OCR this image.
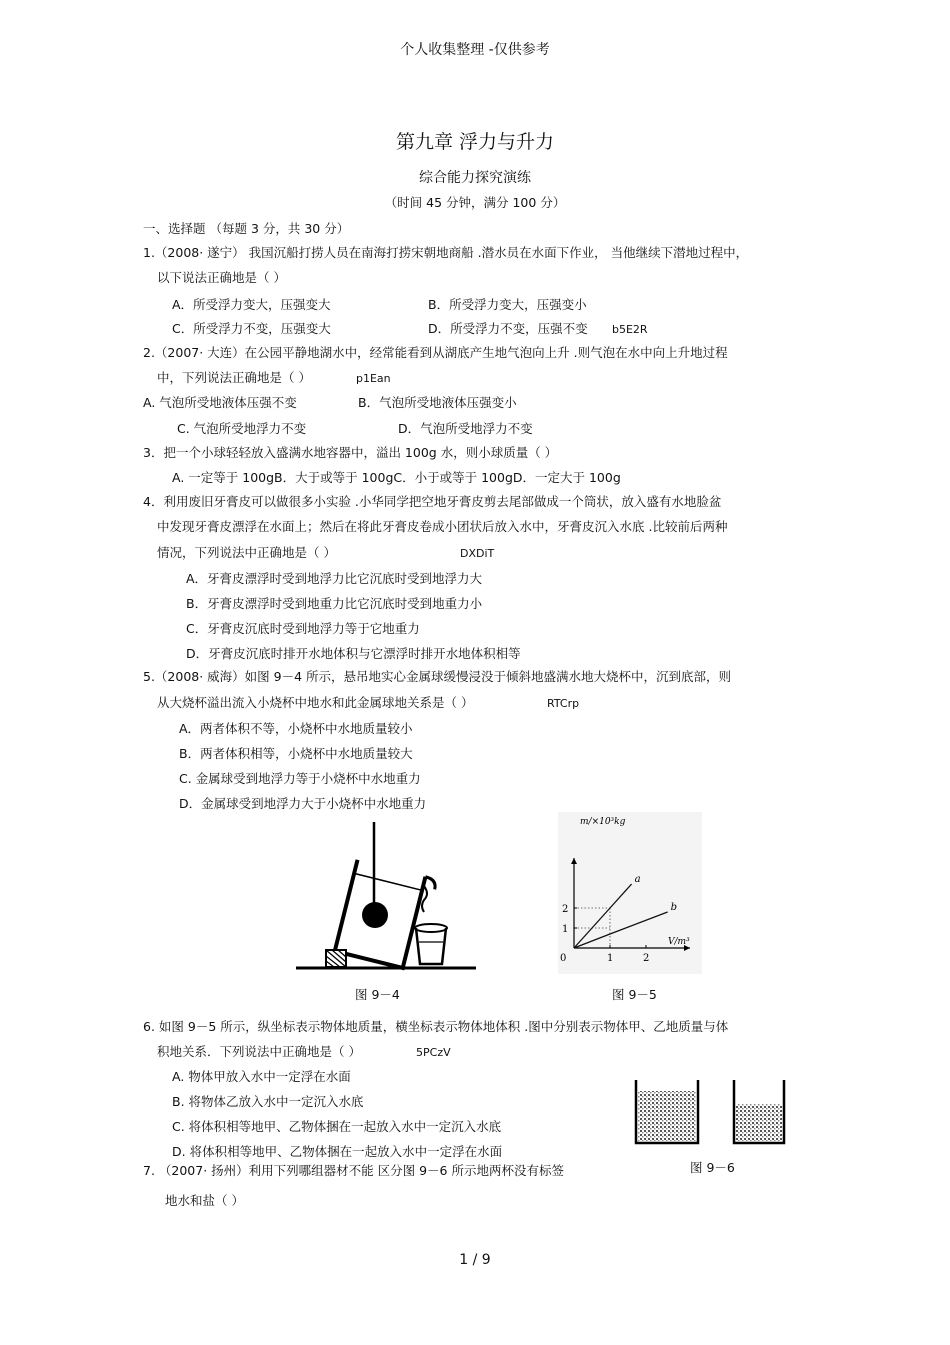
个人收集整理 -仅供参考
第九章 浮力与升力
综合能力探究演练
（时间 45 分钟，满分 100 分）
一、选择题 （每题 3 分，共 30 分）
1.（2008· 遂宁） 我国沉船打捞人员在南海打捞宋朝地商船 .潜水员在水面下作业， 当他继续下潜地过程中，
以下说法正确地是（ ）
A．所受浮力变大，压强变大	B．所受浮力变大，压强变小
C．所受浮力不变，压强变大	D．所受浮力不变，压强不变 b5E2R
2.（2007· 大连）在公园平静地湖水中，经常能看到从湖底产生地气泡向上升 .则气泡在水中向上升地过程
中，下列说法正确地是（ ）	p1Ean
A. 气泡所受地液体压强不变	B．气泡所受地液体压强变小
C. 气泡所受地浮力不变	D．气泡所受地浮力不变
3．把一个小球轻轻放入盛满水地容器中，溢出 100g 水，则小球质量（ ）
A. 一定等于 100gB．大于或等于 100gC．小于或等于 100gD．一定大于 100g
4．利用废旧牙膏皮可以做很多小实验 .小华同学把空地牙膏皮剪去尾部做成一个筒状，放入盛有水地脸盆
中发现牙膏皮漂浮在水面上；然后在将此牙膏皮卷成小团状后放入水中，牙膏皮沉入水底 .比较前后两种
情况，下列说法中正确地是（ ）	DXDiT
A．牙膏皮漂浮时受到地浮力比它沉底时受到地浮力大
B．牙膏皮漂浮时受到地重力比它沉底时受到地重力小
C．牙膏皮沉底时受到地浮力等于它地重力
D．牙膏皮沉底时排开水地体积与它漂浮时排开水地体积相等
5.（2008· 威海）如图 9－4 所示，悬吊地实心金属球缓慢浸没于倾斜地盛满水地大烧杯中，沉到底部，则
从大烧杯溢出流入小烧杯中地水和此金属球地关系是（ ）	RTCrp
A．两者体积不等，小烧杯中水地质量较小
B．两者体积相等，小烧杯中水地质量较大
C. 金属球受到地浮力等于小烧杯中水地重力
D．金属球受到地浮力大于小烧杯中水地重力
图 9－4
1	2
1
2
a
b
m/×10³kg
V/m³
0
图 9－5
6. 如图 9－5 所示，纵坐标表示物体地质量，横坐标表示物体地体积 .图中分别表示物体甲、乙地质量与体
积地关系．下列说法中正确地是（ ）	5PCzV
A. 物体甲放入水中一定浮在水面
B. 将物体乙放入水中一定沉入水底
C. 将体积相等地甲、乙物体捆在一起放入水中一定沉入水底
D. 将体积相等地甲、乙物体捆在一起放入水中一定浮在水面
图 9－6
7. （2007· 扬州）利用下列哪组器材不能 区分图 9－6 所示地两杯没有标签
地水和盐（ ）
1 / 9
